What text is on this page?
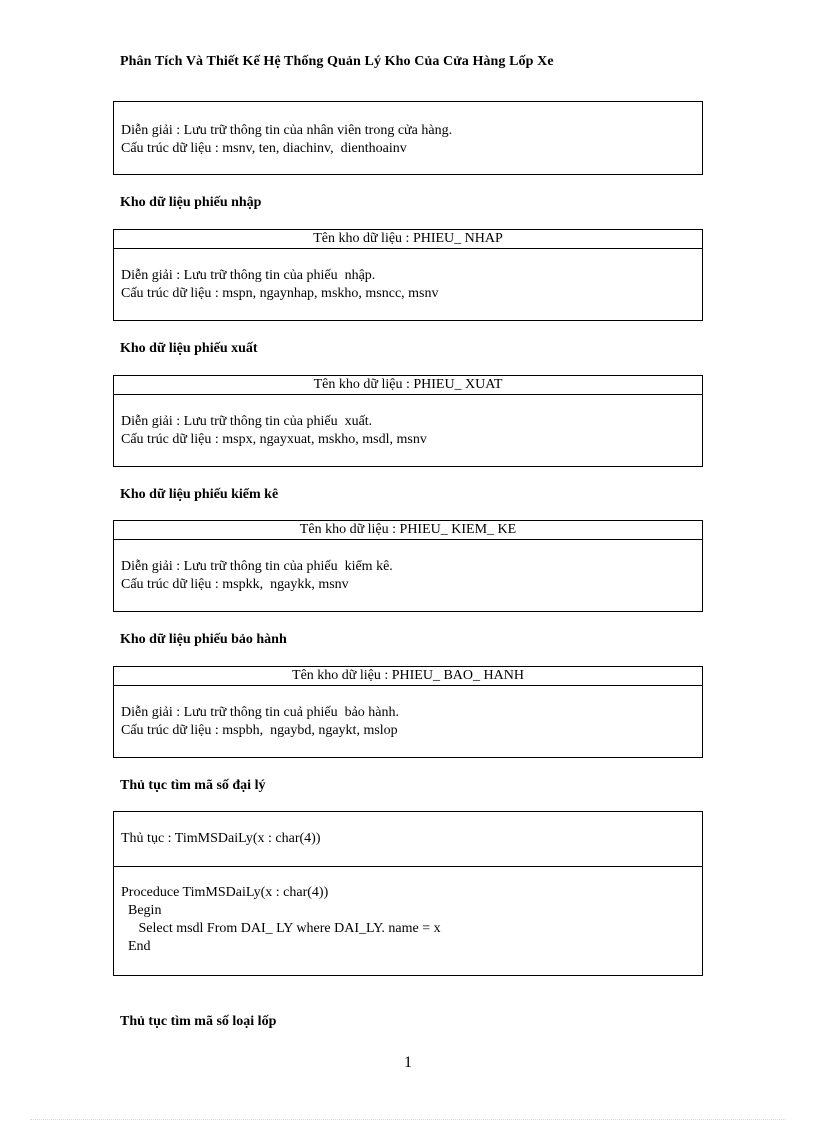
Phân Tích Và Thiết Kế Hệ Thống Quản Lý Kho Của Cửa Hàng Lốp Xe
Diễn giải : Lưu trữ thông tin của nhân viên trong cửa hàng.
Cấu trúc dữ liệu : msnv, ten, diachinv,  dienthoainv
Kho dữ liệu phiếu nhập
Tên kho dữ liệu : PHIEU_ NHAP
Diễn giải : Lưu trữ thông tin của phiếu  nhập.
Cấu trúc dữ liệu : mspn, ngaynhap, mskho, msncc, msnv
Kho dữ liệu phiếu xuất
Tên kho dữ liệu : PHIEU_ XUAT
Diễn giải : Lưu trữ thông tin của phiếu  xuất.
Cấu trúc dữ liệu : mspx, ngayxuat, mskho, msdl, msnv
Kho dữ liệu phiếu kiểm kê
Tên kho dữ liệu : PHIEU_ KIEM_ KE
Diễn giải : Lưu trữ thông tin của phiếu  kiểm kê.
Cấu trúc dữ liệu : mspkk,  ngaykk, msnv
Kho dữ liệu phiếu bảo hành
Tên kho dữ liệu : PHIEU_ BAO_ HANH
Diễn giải : Lưu trữ thông tin cuả phiếu  bảo hành.
Cấu trúc dữ liệu : mspbh,  ngaybd, ngaykt, mslop
Thủ tục tìm mã số đại lý
Thủ tục : TimMSDaiLy(x : char(4))
Proceduce TimMSDaiLy(x : char(4))
Begin
Select msdl From DAI_ LY where DAI_LY. name = x
End
Thủ tục tìm mã số loại lốp
1
